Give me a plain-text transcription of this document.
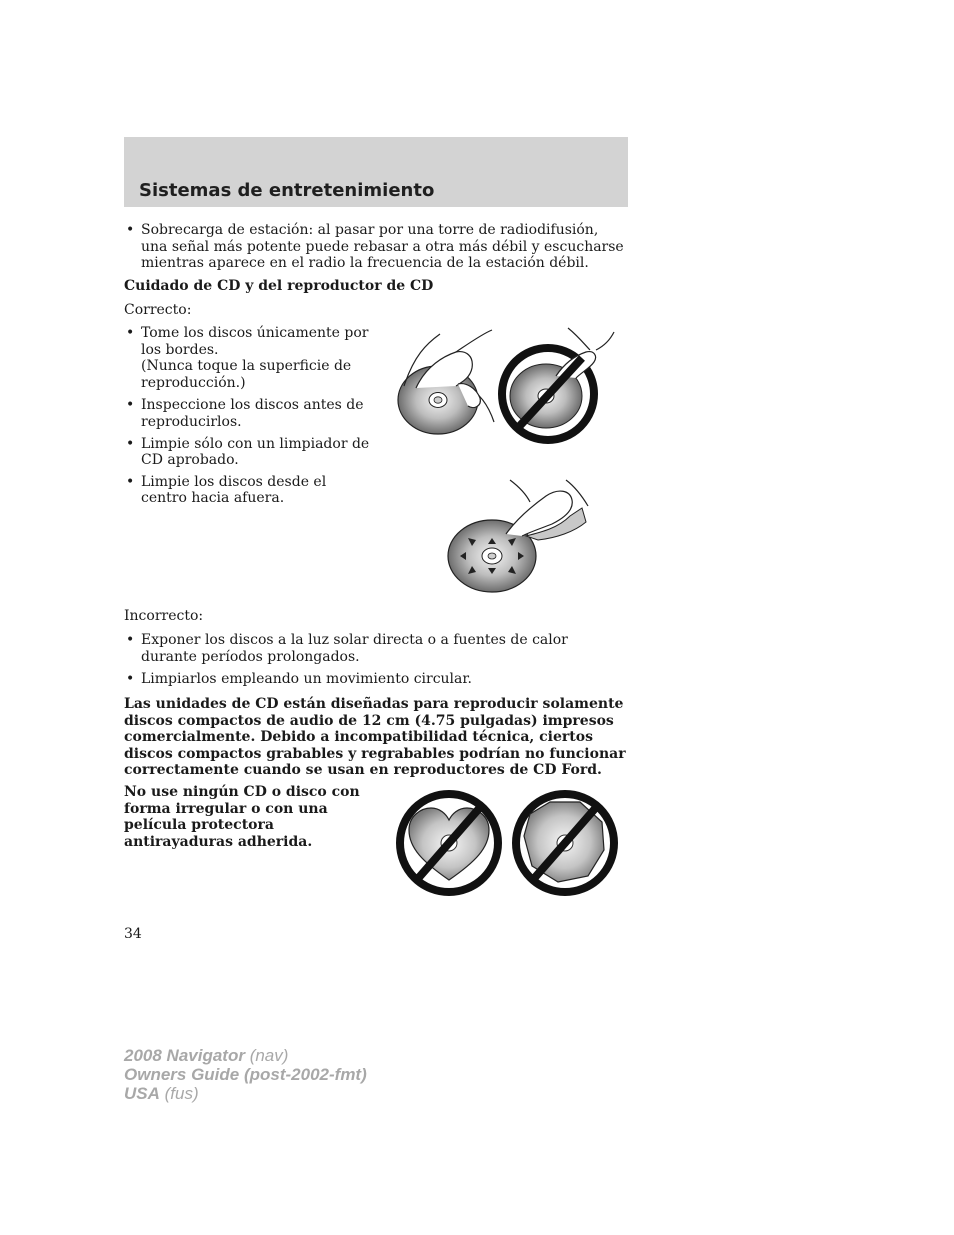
Sistemas de entretenimiento
• Sobrecarga de estación: al pasar por una torre de radiodifusión, una señal más potente puede rebasar a otra más débil y escucharse mientras aparece en el radio la frecuencia de la estación débil.

Cuidado de CD y del reproductor de CD

Correcto:

• Tome los discos únicamente por los bordes.
(Nunca toque la superficie de reproducción.)
• Inspeccione los discos antes de reproducirlos.
• Limpie sólo con un limpiador de CD aprobado.
• Limpie los discos desde el centro hacia afuera.

Incorrecto:

• Exponer los discos a la luz solar directa o a fuentes de calor durante períodos prolongados.
• Limpiarlos empleando un movimiento circular.

Las unidades de CD están diseñadas para reproducir solamente discos compactos de audio de 12 cm (4.75 pulgadas) impresos comercialmente. Debido a incompatibilidad técnica, ciertos discos compactos grabables y regrabables podrían no funcionar correctamente cuando se usan en reproductores de CD Ford.

No use ningún CD o disco con forma irregular o con una película protectora antirayaduras adherida.

34

2008 Navigator (nav)
Owners Guide (post-2002-fmt)
USA (fus)
